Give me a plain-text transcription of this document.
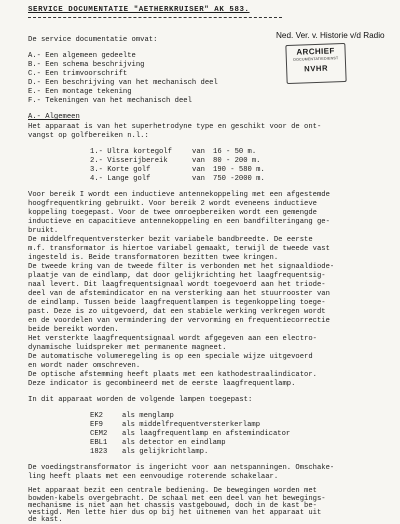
SERVICE DOCUMENTATIE "AETHERKRUISER" AK 583.
Ned. Ver. v. Historie v/d Radio
ARCHIEF
DOCUMENTATIEDIENST
NVHR
De service documentatie omvat:
A.- Een algemeen gedeelte
B.- Een schema beschrijving
C.- Een trimvoorschrift
D.- Een beschrijving van het mechanisch deel
E.- Een montage tekening
F.- Tekeningen van het mechanisch deel
A.- Algemeen
Het apparaat is van het superhetrodyne type en geschikt voor de ont-
vangst op golfbereiken n.l.:
1.- Ultra kortegolf	van 16 - 50 m.
2.- Visserijbereik	van 80 - 200 m.
3.- Korte golf	van 190 - 580 m.
4.- Lange golf	van 750 -2000 m.
Voor bereik I wordt een inductieve antennekoppeling met een afgestemde
hoogfrequentkring gebruikt. Voor bereik 2 wordt eveneens inductieve
koppeling toegepast. Voor de twee omroepbereiken wordt een gemengde
inductieve en capacitieve antennekoppeling en een bandfilteringang ge-
bruikt.
De middelfrequentversterker bezit variabele bandbreedte. De eerste
m.f. transformator is hiertoe variabel gemaakt, terwijl de tweede vast
ingesteld is. Beide transformatoren bezitten twee kringen.
De tweede kring van de tweede filter is verbonden met het signaaldiode-
plaatje van de eindlamp, dat door gelijkrichting het laagfrequentsig-
naal levert. Dit laagfrequentsignaal wordt toegevoerd aan het triode-
deel van de afstemindicator en na versterking aan het stuurrooster van
de eindlamp. Tussen beide laagfrequentlampen is tegenkoppeling toege-
past. Deze is zo uitgevoerd, dat een stabiele werking verkregen wordt
en de voordelen van vermindering der vervorming en frequentiecorrectie
beide bereikt worden.
Het versterkte laagfrequentsignaal wordt afgegeven aan een electro-
dynamische luidspreker met permanente magneet.
De automatische volumeregeling is op een speciale wijze uitgevoerd
en wordt nader omschreven.
De optische afstemming heeft plaats met een kathodestraalindicator.
Deze indicator is gecombineerd met de eerste laagfrequentlamp.
In dit apparaat worden de volgende lampen toegepast:
EK2	als menglamp
EF9	als middelfrequentversterkerlamp
CEM2 als laagfrequentlamp en afstemindicator
EBL1 als detector en eindlamp
1823 als gelijkrichtlamp.
De voedingstransformator is ingericht voor aan netspanningen. Omschake-
ling heeft plaats met een eenvoudige roterende schakelaar.
Het apparaat bezit een centrale bediening. De bewegingen worden met
bowden-kabels overgebracht. De schaal met een deel van het bewegings-
mechanisme is niet aan het chassis vastgebouwd, doch in de kast be-
vestigd. Men lette hier dus op bij het uitnemen van het apparaat uit
de kast.
